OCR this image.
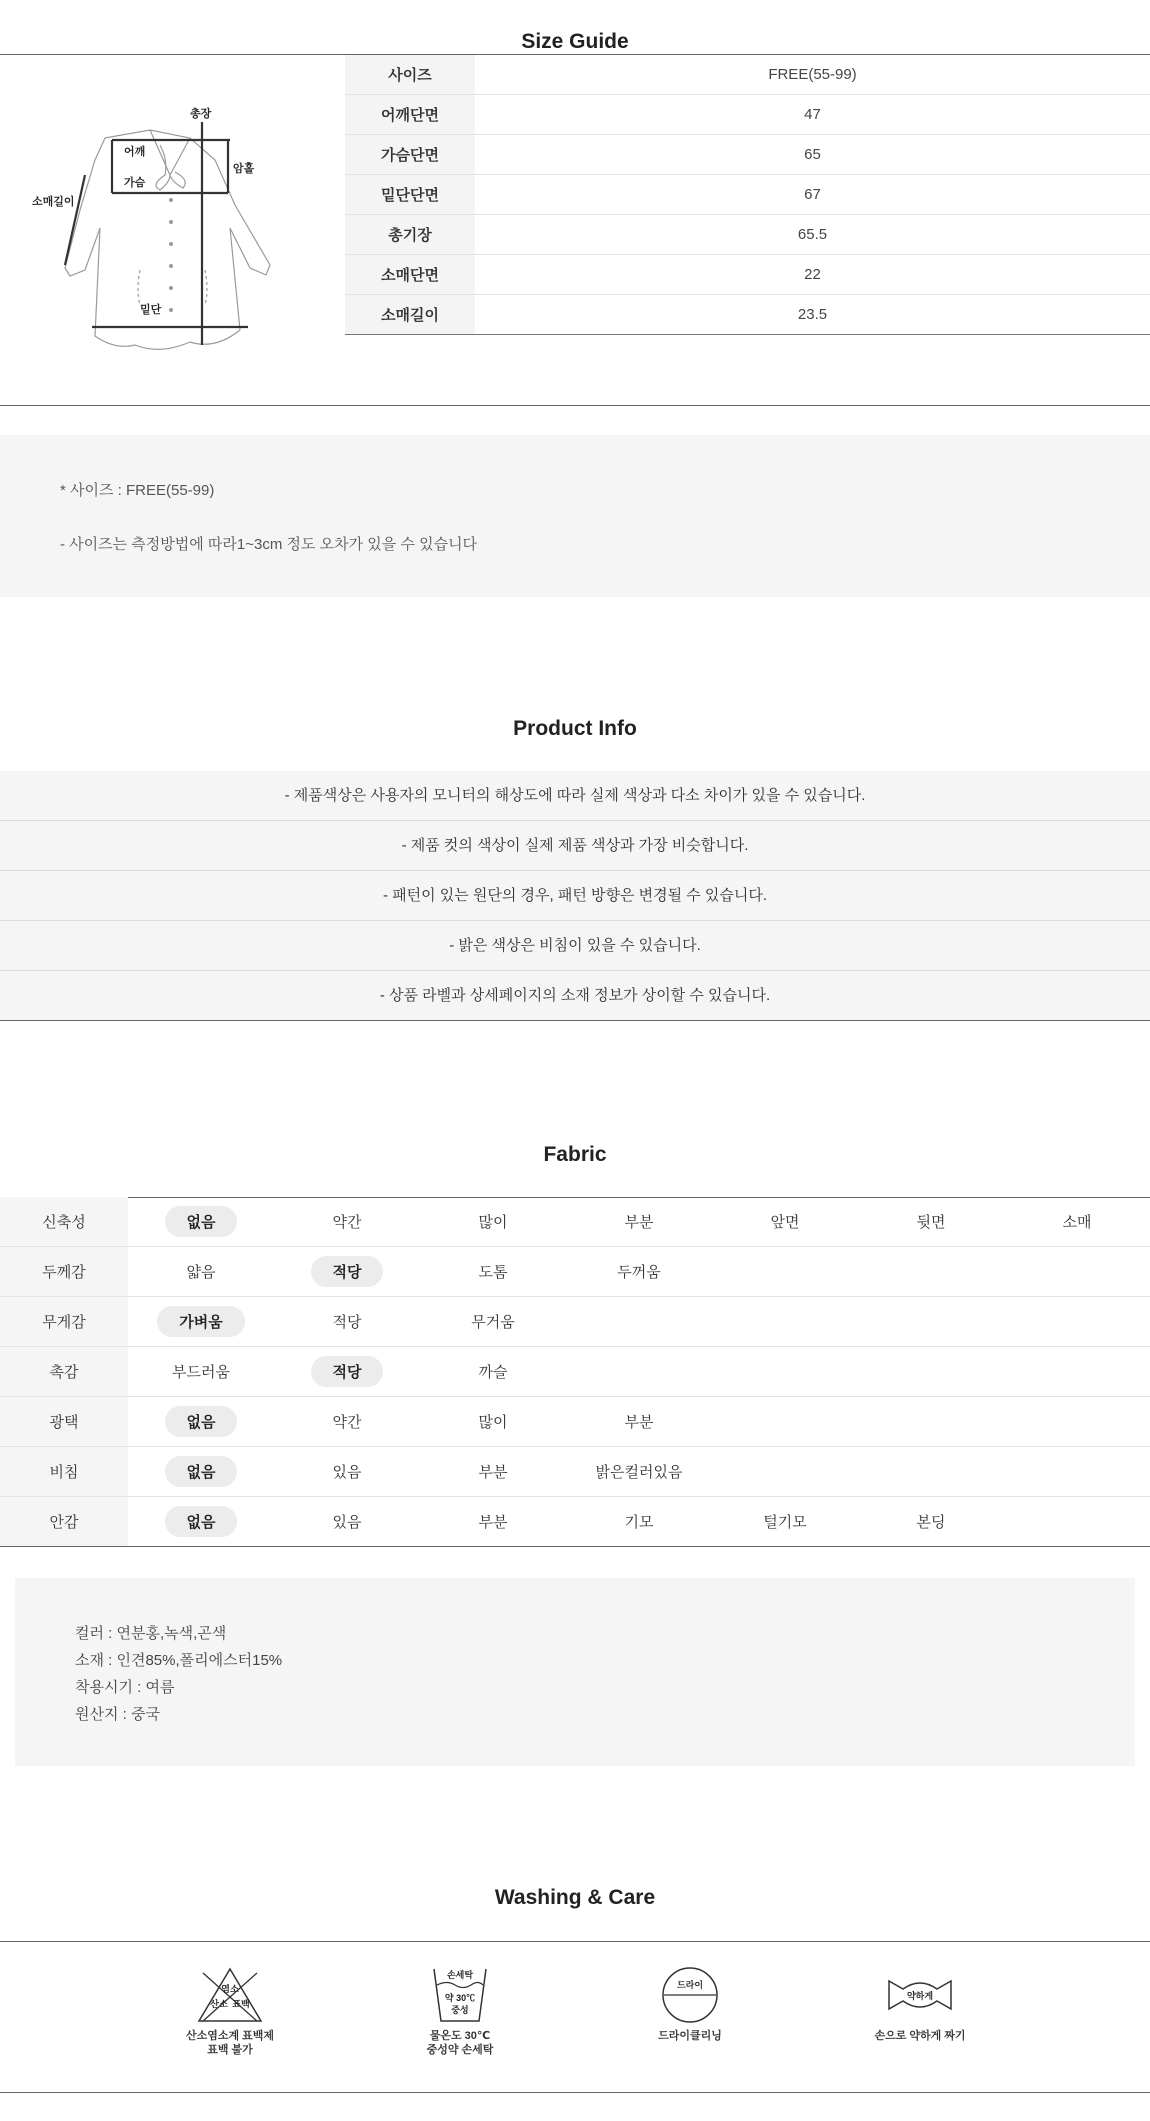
Size Guide
총장
어깨
가슴
암홀
소매길이
밑단
사이즈	FREE(55-99)
어깨단면	47
가슴단면	65
밑단단면	67
총기장	65.5
소매단면	22
소매길이	23.5

* 사이즈 : FREE(55-99)

- 사이즈는 측정방법에 따라1~3cm 정도 오차가 있을 수 있습니다

Product Info
- 제품색상은 사용자의 모니터의 해상도에 따라 실제 색상과 다소 차이가 있을 수 있습니다.
- 제품 컷의 색상이 실제 제품 색상과 가장 비슷합니다.
- 패턴이 있는 원단의 경우, 패턴 방향은 변경될 수 있습니다.
- 밝은 색상은 비침이 있을 수 있습니다.
- 상품 라벨과 상세페이지의 소재 정보가 상이할 수 있습니다.
Fabric
신축성	없음	약간	많이	부분	앞면	뒷면	소매
두께감	얇음	적당	도톰	두꺼움			
무게감	가벼움	적당	무거움				
촉감	부드러움	적당	까슬				
광택	없음	약간	많이	부분			
비침	없음	있음	부분	밝은컬러있음			
안감	없음	있음	부분	기모	털기모	본딩	

컬러 : 연분홍,녹색,곤색

소재 : 인견85%,폴리에스터15%

착용시기 : 여름

원산지 : 중국

Washing & Care
염소
산소 표백
산소염소계 표백제
표백 불가
손세탁
약 30℃
중성
물온도 30℃
중성약 손세탁
드라이
드라이클리닝
약하게
손으로 약하게 짜기
